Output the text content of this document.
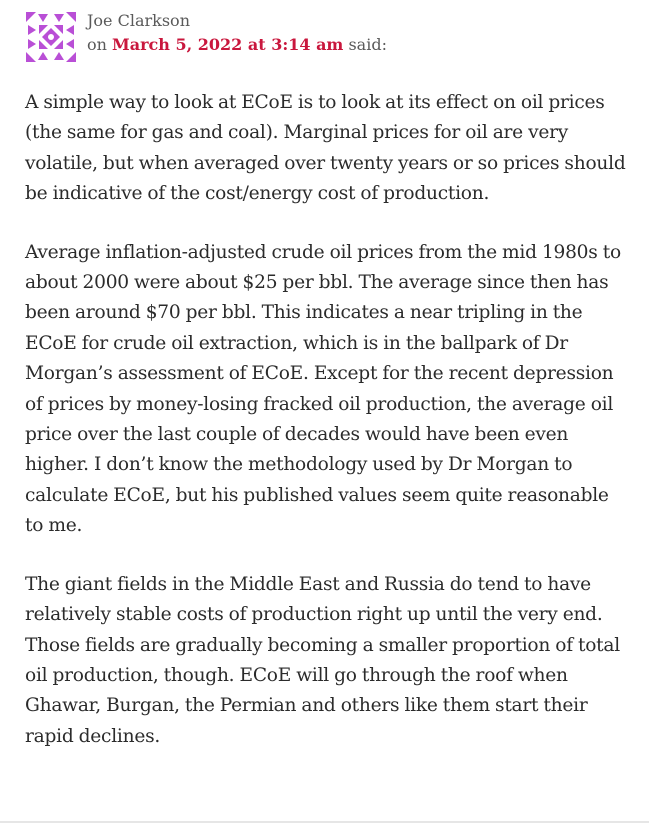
Joe Clarkson
on March 5, 2022 at 3:14 am said:

A simple way to look at ECoE is to look at its effect on oil prices (the same for gas and coal). Marginal prices for oil are very volatile, but when averaged over twenty years or so prices should be indicative of the cost/energy cost of production.

Average inflation-adjusted crude oil prices from the mid 1980s to about 2000 were about $25 per bbl. The average since then has been around $70 per bbl. This indicates a near tripling in the ECoE for crude oil extraction, which is in the ballpark of Dr Morgan’s assessment of ECoE. Except for the recent depression of prices by money-losing fracked oil production, the average oil price over the last couple of decades would have been even higher. I don’t know the methodology used by Dr Morgan to calculate ECoE, but his published values seem quite reasonable to me.

The giant fields in the Middle East and Russia do tend to have relatively stable costs of production right up until the very end. Those fields are gradually becoming a smaller proportion of total oil production, though. ECoE will go through the roof when Ghawar, Burgan, the Permian and others like them start their rapid declines.
